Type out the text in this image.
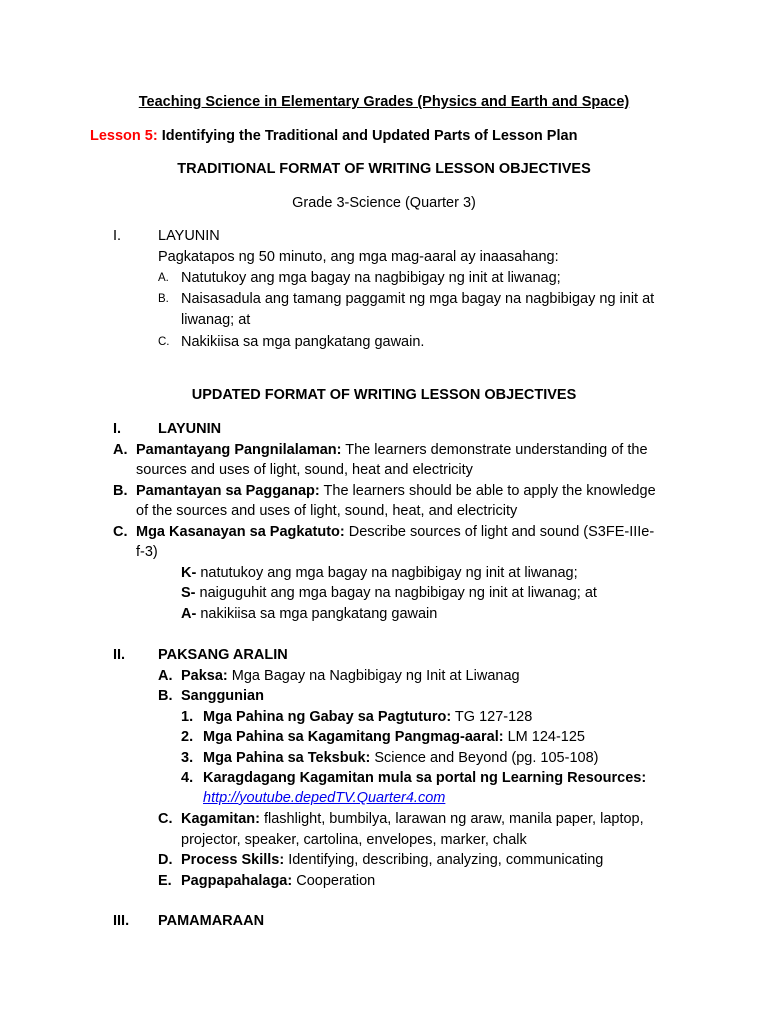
Teaching Science in Elementary Grades (Physics and Earth and Space)
Lesson 5: Identifying the Traditional and Updated Parts of Lesson Plan
TRADITIONAL FORMAT OF WRITING LESSON OBJECTIVES
Grade 3-Science (Quarter 3)
I.	LAYUNIN
Pagkatapos ng 50 minuto, ang mga mag-aaral ay inaasahang:
A. Natutukoy ang mga bagay na nagbibigay ng init at liwanag;
B. Naisasadula ang tamang paggamit ng mga bagay na nagbibigay ng init at
liwanag; at
C. Nakikiisa sa mga pangkatang gawain.
UPDATED FORMAT OF WRITING LESSON OBJECTIVES
I.	LAYUNIN
A. Pamantayang Pangnilalaman: The learners demonstrate understanding of the
sources and uses of light, sound, heat and electricity
B. Pamantayan sa Pagganap: The learners should be able to apply the knowledge
of the sources and uses of light, sound, heat, and electricity
C. Mga Kasanayan sa Pagkatuto: Describe sources of light and sound (S3FE-IIIe-
f-3)
K- natutukoy ang mga bagay na nagbibigay ng init at liwanag;
S- naiguguhit ang mga bagay na nagbibigay ng init at liwanag; at
A- nakikiisa sa mga pangkatang gawain
II. PAKSANG ARALIN
A. Paksa: Mga Bagay na Nagbibigay ng Init at Liwanag
B. Sanggunian
1. Mga Pahina ng Gabay sa Pagtuturo: TG 127-128
2. Mga Pahina sa Kagamitang Pangmag-aaral: LM 124-125
3. Mga Pahina sa Teksbuk: Science and Beyond (pg. 105-108)
4. Karagdagang Kagamitan mula sa portal ng Learning Resources:
http://youtube.depedTV.Quarter4.com
C. Kagamitan: flashlight, bumbilya, larawan ng araw, manila paper, laptop,
projector, speaker, cartolina, envelopes, marker, chalk
D. Process Skills: Identifying, describing, analyzing, communicating
E. Pagpapahalaga: Cooperation
III. PAMAMARAAN
